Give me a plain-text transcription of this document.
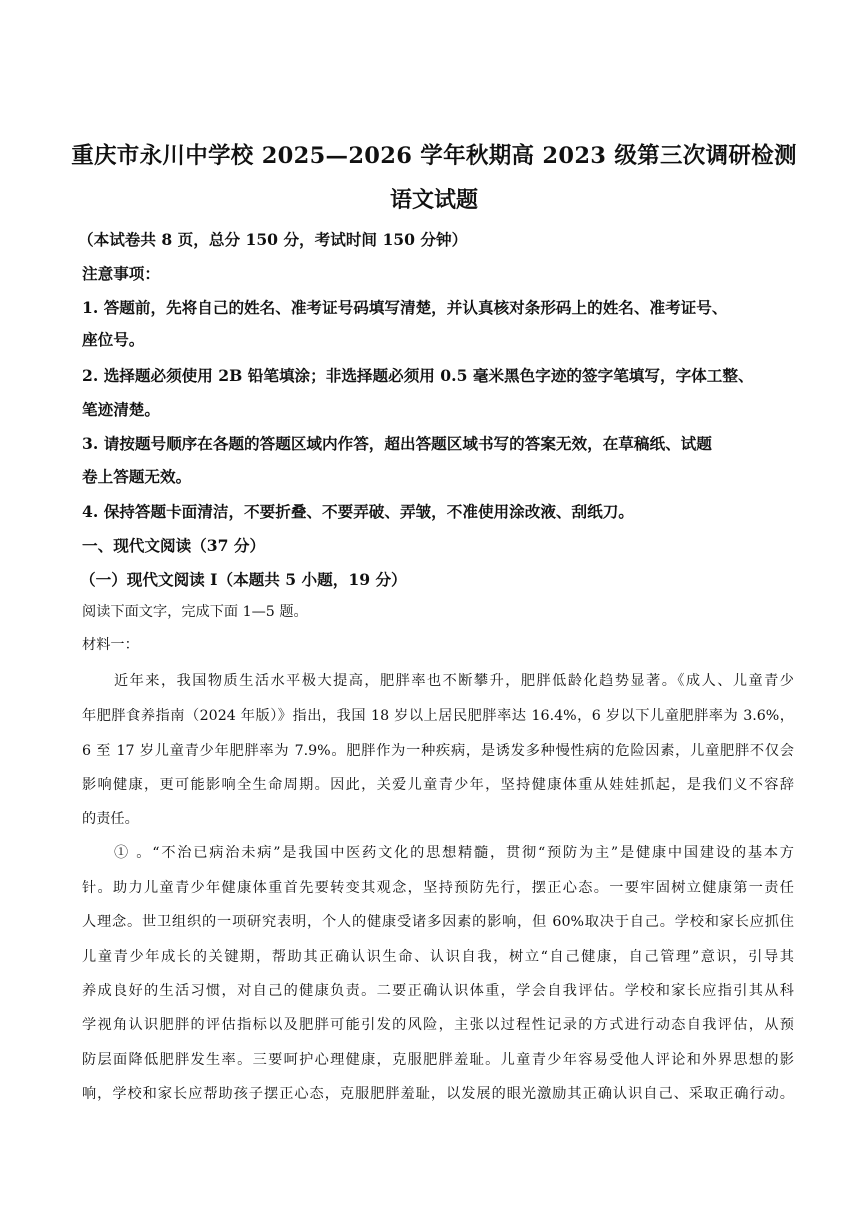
重庆市永川中学校 2025—2026 学年秋期高 2023 级第三次调研检测
语文试题
（本试卷共 8 页，总分 150 分，考试时间 150 分钟）
注意事项：
1. 答题前，先将自己的姓名、准考证号码填写清楚，并认真核对条形码上的姓名、准考证号、
座位号。
2. 选择题必须使用 2B 铅笔填涂；非选择题必须用 0.5 毫米黑色字迹的签字笔填写，字体工整、
笔迹清楚。
3. 请按题号顺序在各题的答题区域内作答，超出答题区域书写的答案无效，在草稿纸、试题
卷上答题无效。
4. 保持答题卡面清洁，不要折叠、不要弄破、弄皱，不准使用涂改液、刮纸刀。
一、现代文阅读（37 分）
（一）现代文阅读 I（本题共 5 小题，19 分）
阅读下面文字，完成下面 1—5 题。
材料一：
近年来，我国物质生活水平极大提高，肥胖率也不断攀升，肥胖低龄化趋势显著。《成人、儿童青少
年肥胖食养指南（2024 年版）》指出，我国 18 岁以上居民肥胖率达 16.4%，6 岁以下儿童肥胖率为 3.6%，
6 至 17 岁儿童青少年肥胖率为 7.9%。肥胖作为一种疾病，是诱发多种慢性病的危险因素，儿童肥胖不仅会
影响健康，更可能影响全生命周期。因此，关爱儿童青少年，坚持健康体重从娃娃抓起，是我们义不容辞
的责任。
① 。“不治已病治未病”是我国中医药文化的思想精髓，贯彻“预防为主”是健康中国建设的基本方
针。助力儿童青少年健康体重首先要转变其观念，坚持预防先行，摆正心态。一要牢固树立健康第一责任
人理念。世卫组织的一项研究表明，个人的健康受诸多因素的影响，但 60%取决于自己。学校和家长应抓住
儿童青少年成长的关键期，帮助其正确认识生命、认识自我，树立“自己健康，自己管理”意识，引导其
养成良好的生活习惯，对自己的健康负责。二要正确认识体重，学会自我评估。学校和家长应指引其从科
学视角认识肥胖的评估指标以及肥胖可能引发的风险，主张以过程性记录的方式进行动态自我评估，从预
防层面降低肥胖发生率。三要呵护心理健康，克服肥胖羞耻。儿童青少年容易受他人评论和外界思想的影
响，学校和家长应帮助孩子摆正心态，克服肥胖羞耻，以发展的眼光激励其正确认识自己、采取正确行动。
